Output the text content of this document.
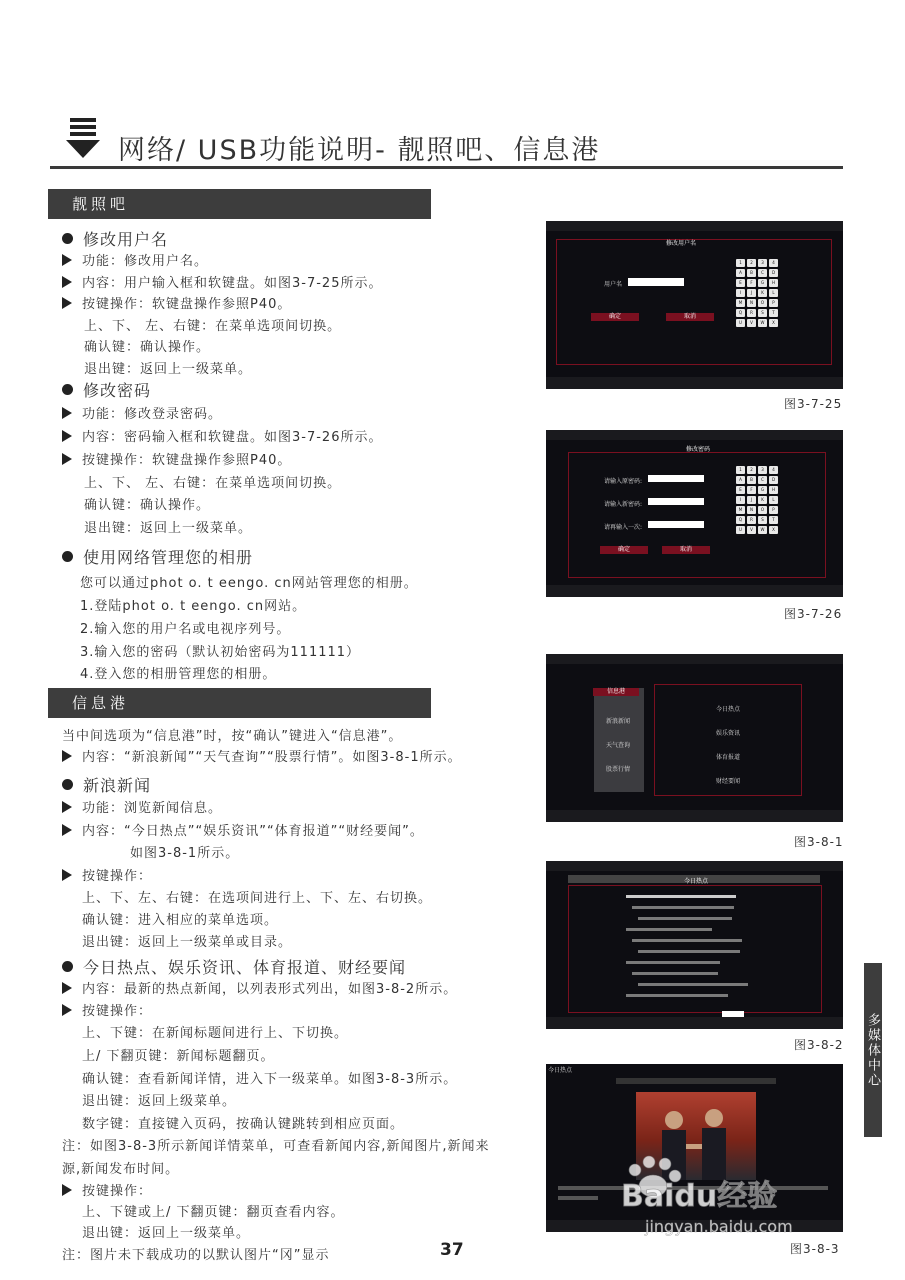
网络/ USB功能说明- 靓照吧、信息港
靓照吧
修改用户名
功能：修改用户名。
内容：用户输入框和软键盘。如图3-7-25所示。
按键操作：软键盘操作参照P40。
上、下、 左、右键：在菜单选项间切换。
确认键：确认操作。
退出键：返回上一级菜单。
修改密码
功能：修改登录密码。
内容：密码输入框和软键盘。如图3-7-26所示。
按键操作：软键盘操作参照P40。
上、下、 左、右键：在菜单选项间切换。
确认键：确认操作。
退出键：返回上一级菜单。
使用网络管理您的相册
您可以通过phot o. t eengo. cn网站管理您的相册。
1.登陆phot o. t eengo. cn网站。
2.输入您的用户名或电视序列号。
3.输入您的密码（默认初始密码为111111）
4.登入您的相册管理您的相册。
信息港
当中间选项为“信息港”时，按“确认”键进入“信息港”。
内容：“新浪新闻”“天气查询”“股票行情”。如图3-8-1所示。
新浪新闻
功能：浏览新闻信息。
内容：“今日热点”“娱乐资讯”“体育报道”“财经要闻”。
如图3-8-1所示。
按键操作：
上、下、左、右键：在选项间进行上、下、左、右切换。
确认键：进入相应的菜单选项。
退出键：返回上一级菜单或目录。
今日热点、娱乐资讯、体育报道、财经要闻
内容：最新的热点新闻，以列表形式列出，如图3-8-2所示。
按键操作：
上、下键：在新闻标题间进行上、下切换。
上/ 下翻页键：新闻标题翻页。
确认键：查看新闻详情，进入下一级菜单。如图3-8-3所示。
退出键：返回上级菜单。
数字键：直接键入页码，按确认键跳转到相应页面。
注：如图3-8-3所示新闻详情菜单，可查看新闻内容,新闻图片,新闻来
源,新闻发布时间。
按键操作：
上、下键或上/ 下翻页键：翻页查看内容。
退出键：返回上一级菜单。
注：图片未下载成功的以默认图片“冈”显示
修改用户名
用户名
确定	取消
1	2	3	4
A	B	C	D
E	F	G	H
I	J	K	L
M	N	O	P
Q	R	S	T
U	V	W	X
图3-7-25
修改密码
请输入原密码:
请输入新密码:
请再输入一次:
确定	取消
1	2	3	4
A	B	C	D
E	F	G	H
I	J	K	L
M	N	O	P
Q	R	S	T
U	V	W	X
图3-7-26
信息港
新浪新闻
天气查询
股票行情
今日热点
娱乐资讯
体育报道
财经要闻
图3-8-1
今日热点
图3-8-2
今日热点
图3-8-3
Baidu经验
jingyan.baidu.com
多媒体中心
37
